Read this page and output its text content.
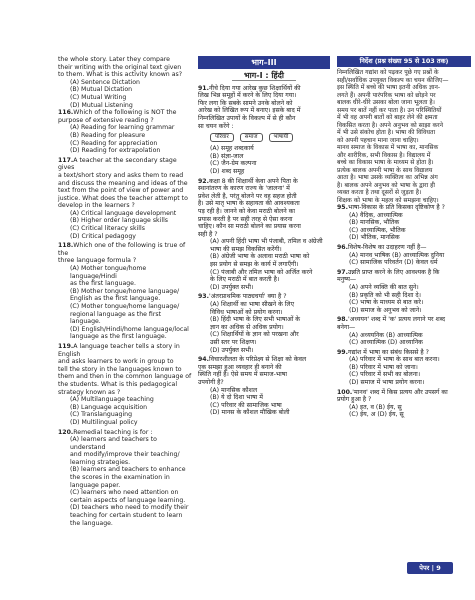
the whole story. Later they compare
their writing with the original text given
to them. What is this activity known as?
(A) Sentence Dictation
(B) Mutual Dictation
(C) Mutual Writing
(D) Mutual Listening
116.Which of the following is NOT the
purpose of extensive reading ?
(A) Reading for learning grammar
(B) Reading for pleasure
(C) Reading for appreciation
(D) Reading for extrapolation
117.A teacher at the secondary stage gives
a text/short story and asks them to read
and discuss the meaning and ideas of the
text from the point of view of power and
justice. What does the teacher attempt to
develop in the learners ?
(A) Critical language development
(B) Higher order language skills
(C) Critical literacy skills
(D) Critical pedagogy
118.Which one of the following is true of the
three language formula ?
(A) Mother tongue/home language/Hindi
as the first language.
(B) Mother tongue/home language/
English as the first language.
(C) Mother tongue/home language/
regional language as the first language.
(D) English/Hindi/home language/local
language as the first language.
119.A language teacher tells a story in English
and asks learners to work in group to
tell the story in the languages known to
them and then in the common language of
the students. What is this pedagogical
strategy known as ?
(A) Multilanguage teaching
(B) Language acquisition
(C) Translanguaging
(D) Multilingual policy
120.Remedial teaching is for :
(A) learners and teachers to understand
and modify/improve their teaching/
learning strategies.
(B) learners and teachers to enhance
the scores in the examination in
language paper.
(C) learners who need attention on
certain aspects of language learning.
(D) teachers who need to modify their
teaching for certain student to learn
the language.
भाग–III
भाग-I : हिंदी
91.नीचे दिया गया आरेख कुछ शिक्षार्थियों की
लिख भिन्न समूहों में करने के लिए दिया गया।
फिर लगा कि सबके सामने उनके बोलने को
आरेख को लिखित रूप में बनाए। इसके बाद में
निम्नलिखित उपायों के विकल्प में से ही कौन
सा चयन करेंगे :
परिवार	समाज	भाषायी
(A) समूह शब्दकार्य
(B) संज्ञा-जाल
(C) जैन-ग्रेम कल्पना
(D) शब्द समूह
92.कक्षा 8 की शिक्षार्थी केवा अपने पिता के
स्थानांतरण के कारण राज्य के 'जालना' में
प्रवेश लेती है, परंतु बोलने पर वह सहज होती
है। उसे मातृ भाषा के सहायता की आवश्यकता
पड़ रही है। जानने को केवा मराठी बोलने का
प्रयास करती है पर सही तरह से ऐसा करना
चाहिए। कौन सा मराठी बोलने का प्रयास करना
सही है ?
(A) अपनी हिंदी भाषा भी पंजाबी, तमिल व अंग्रेजी
भाषा की समझ विकसित करेंगी।
(B) अंग्रेजी भाषा के अलावा मराठी भाषा को
इस प्रयोग से समझ के कार्य में लगाएँगी।
(C) पंजाबी और तमिल भाषा को अर्जित करने
के लिए मराठी में बात करती है।
(D) उपर्युक्त सभी।
93.'अंतरप्राथमिक पाठ्यचर्या' क्या है ?
(A) शिक्षार्थी का भाषा सीखने के लिए
विविध भाषाओं को प्रयोग करना।
(B) हिंदी भाषा के लिए सभी भाषाओं के
ज्ञान का अधिक से अधिक प्रयोग।
(C) शिक्षार्थियों के ज्ञान को परखना और
उसी स्तर पर शिक्षण।
(D) उपर्युक्त सभी।
94.विचारशीलता के परिप्रेक्ष्य से शिक्षा को केवल
एक समझा हुआ व्यवहार ही बनाने की
स्थिति नहीं है। ऐसे समय में समाज-भाषा
उपयोगी है?
(A) मानसिक कौशल
(B) ये दो दिशा भाषा में
(C) परिवार की सामाजिक भाषा
(D) मानस के कौशल मौखिक बोली
निर्देश (प्रश्न संख्या 95 से 103 तक)
निम्नलिखित गद्यांश को पढ़कर पूछे गए प्रश्नों के
सही/सर्वाधिक उपयुक्त विकल्प का चयन कीजिए—
इस स्थिति में बच्चे की भाषा इतनी अधिक ज्ञान-
लगते हैं। अपनी पारंपरिक भाषा को छोड़ने पर
बालक धीरे-धीरे उसका बोला जाना भूलता है।
समय पर बातें नहीं कर पाता है। उन परिस्थितियों
में भी वह अपनी बातों को बाहर लेने की क्षमता
विकसित करता है। अपने अनुभव को साझा करने
में भी उसे संकोच होता है। भाषा की विविधता
को अपनी पहचान माना जाना चाहिए।
मानव समाज के विकास में भाषा का, मानसिक
और शारीरिक, सभी विकास है। विद्यालय में
बच्चे का विकास भाषा के माध्यम से होता है।
प्रत्येक बालक अपनी भाषा के साथ विद्यालय
आता है। भाषा उसके व्यक्तित्व का अभिन्न अंग
है। बालक अपने अनुभव को भाषा के द्वारा ही
व्यक्त करता है तथा दूसरों से जुड़ता है।
शिक्षक को भाषा के महत्व को समझना चाहिए।
95.भाषा-विकास के प्रति किसका दृष्टिकोण है ?
(A) वैदिक, आध्यात्मिक
(B) मानसिक, भौतिक
(C) आध्यात्मिक, भौतिक
(D) भौतिक, मानसिक
96.विशेष-विशेष का उदाहरण नहीं है—
(A) मानव भाषिक (B) आध्यात्मिक दुनिया
(C) सामाजिक परिवर्तन (D) केवल धर्म
97.उन्नति प्राप्त करने के लिए आवश्यक है कि
मनुष्य—
(A) अपने व्यक्ति की बात सुने।
(B) प्रकृति को भी सही दिशा दे।
(C) भाषा के माध्यम से बात करे।
(D) समाज के अनुभव को जाने।
98.'अध्ययन' शब्द में 'क' प्रत्यय लगाने पर शब्द
बनेगा—
(A) अध्ययनिक (B) आध्यात्मिक
(C) आध्यात्मिक (D) आध्यानिक
99.गद्यांश में भाषा का संबंध किससे है ?
(A) परिवार में भाषा के साथ बात करना।
(B) परिवार में भाषा को जाना।
(C) परिवार में सभी का बोलना।
(D) समाज में भाषा प्रयोग करना।
100.'मानव' शब्द में किस प्रत्यय और उपसर्ग का
प्रयोग हुआ है ?
(A) इत, व (B) ईय, सु
(C) ईय, अ (D) ईय, सू
पेपर | 9
